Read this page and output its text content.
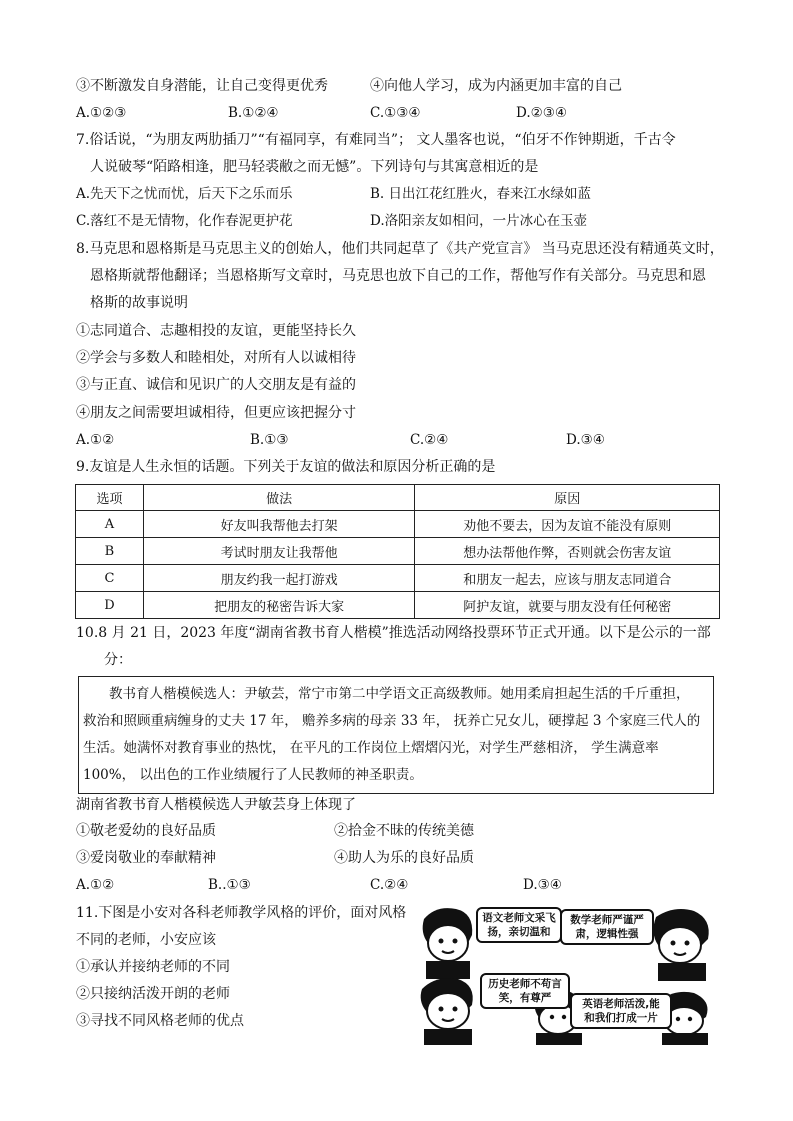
③不断激发自身潜能，让自己变得更优秀	④向他人学习，成为内涵更加丰富的自己
A.①②③	B.①②④	C.①③④	D.②③④
7.俗话说，“为朋友两肋插刀”“有福同享，有难同当”； 文人墨客也说，“伯牙不作钟期逝，千古令
人说破琴“陌路相逢，肥马轻裘敝之而无憾”。下列诗句与其寓意相近的是
A.先天下之忧而忧，后天下之乐而乐	B. 日出江花红胜火，春来江水绿如蓝
C.落红不是无情物，化作春泥更护花	D.洛阳亲友如相问，一片冰心在玉壶
8.马克思和恩格斯是马克思主义的创始人，他们共同起草了《共产党宣言》 当马克思还没有精通英文时，
恩格斯就帮他翻译；当恩格斯写文章时，马克思也放下自己的工作，帮他写作有关部分。马克思和恩
格斯的故事说明
①志同道合、志趣相投的友谊，更能坚持长久
②学会与多数人和睦相处，对所有人以诚相待
③与正直、诚信和见识广的人交朋友是有益的
④朋友之间需要坦诚相待，但更应该把握分寸
A.①②	B.①③	C.②④	D.③④
9.友谊是人生永恒的话题。下列关于友谊的做法和原因分析正确的是
选项	做法	原因
A	好友叫我帮他去打架	劝他不要去，因为友谊不能没有原则
B	考试时朋友让我帮他	想办法帮他作弊，否则就会伤害友谊
C	朋友约我一起打游戏	和朋友一起去，应该与朋友志同道合
D	把朋友的秘密告诉大家	阿护友谊，就要与朋友没有任何秘密
10.8 月 21 日，2023 年度“湖南省教书育人楷模”推选活动网络投票环节正式开通。以下是公示的一部
分：
教书育人楷模候选人：尹敏芸，常宁市第二中学语文正高级教师。她用柔肩担起生活的千斤重担，
救治和照顾重病缠身的丈夫 17 年， 赡养多病的母亲 33 年， 抚养亡兄女儿，硬撑起 3 个家庭三代人的
生活。她满怀对教育事业的热忱， 在平凡的工作岗位上熠熠闪光，对学生严慈相济， 学生满意率
100%， 以出色的工作业绩履行了人民教师的神圣职责。
湖南省教书育人楷模候选人尹敏芸身上体现了
①敬老爱幼的良好品质	②拾金不昧的传统美德
③爱岗敬业的奉献精神	④助人为乐的良好品质
A.①②	B..①③	C.②④	D.③④
11.下图是小安对各科老师教学风格的评价，面对风格
不同的老师，小安应该
①承认并接纳老师的不同
②只接纳活泼开朗的老师
③寻找不同风格老师的优点
语文老师文采飞
扬，亲切温和
数学老师严谨严
肃，逻辑性强
历史老师不苟言
笑，有尊严	英语老师活泼,能
和我们打成一片
